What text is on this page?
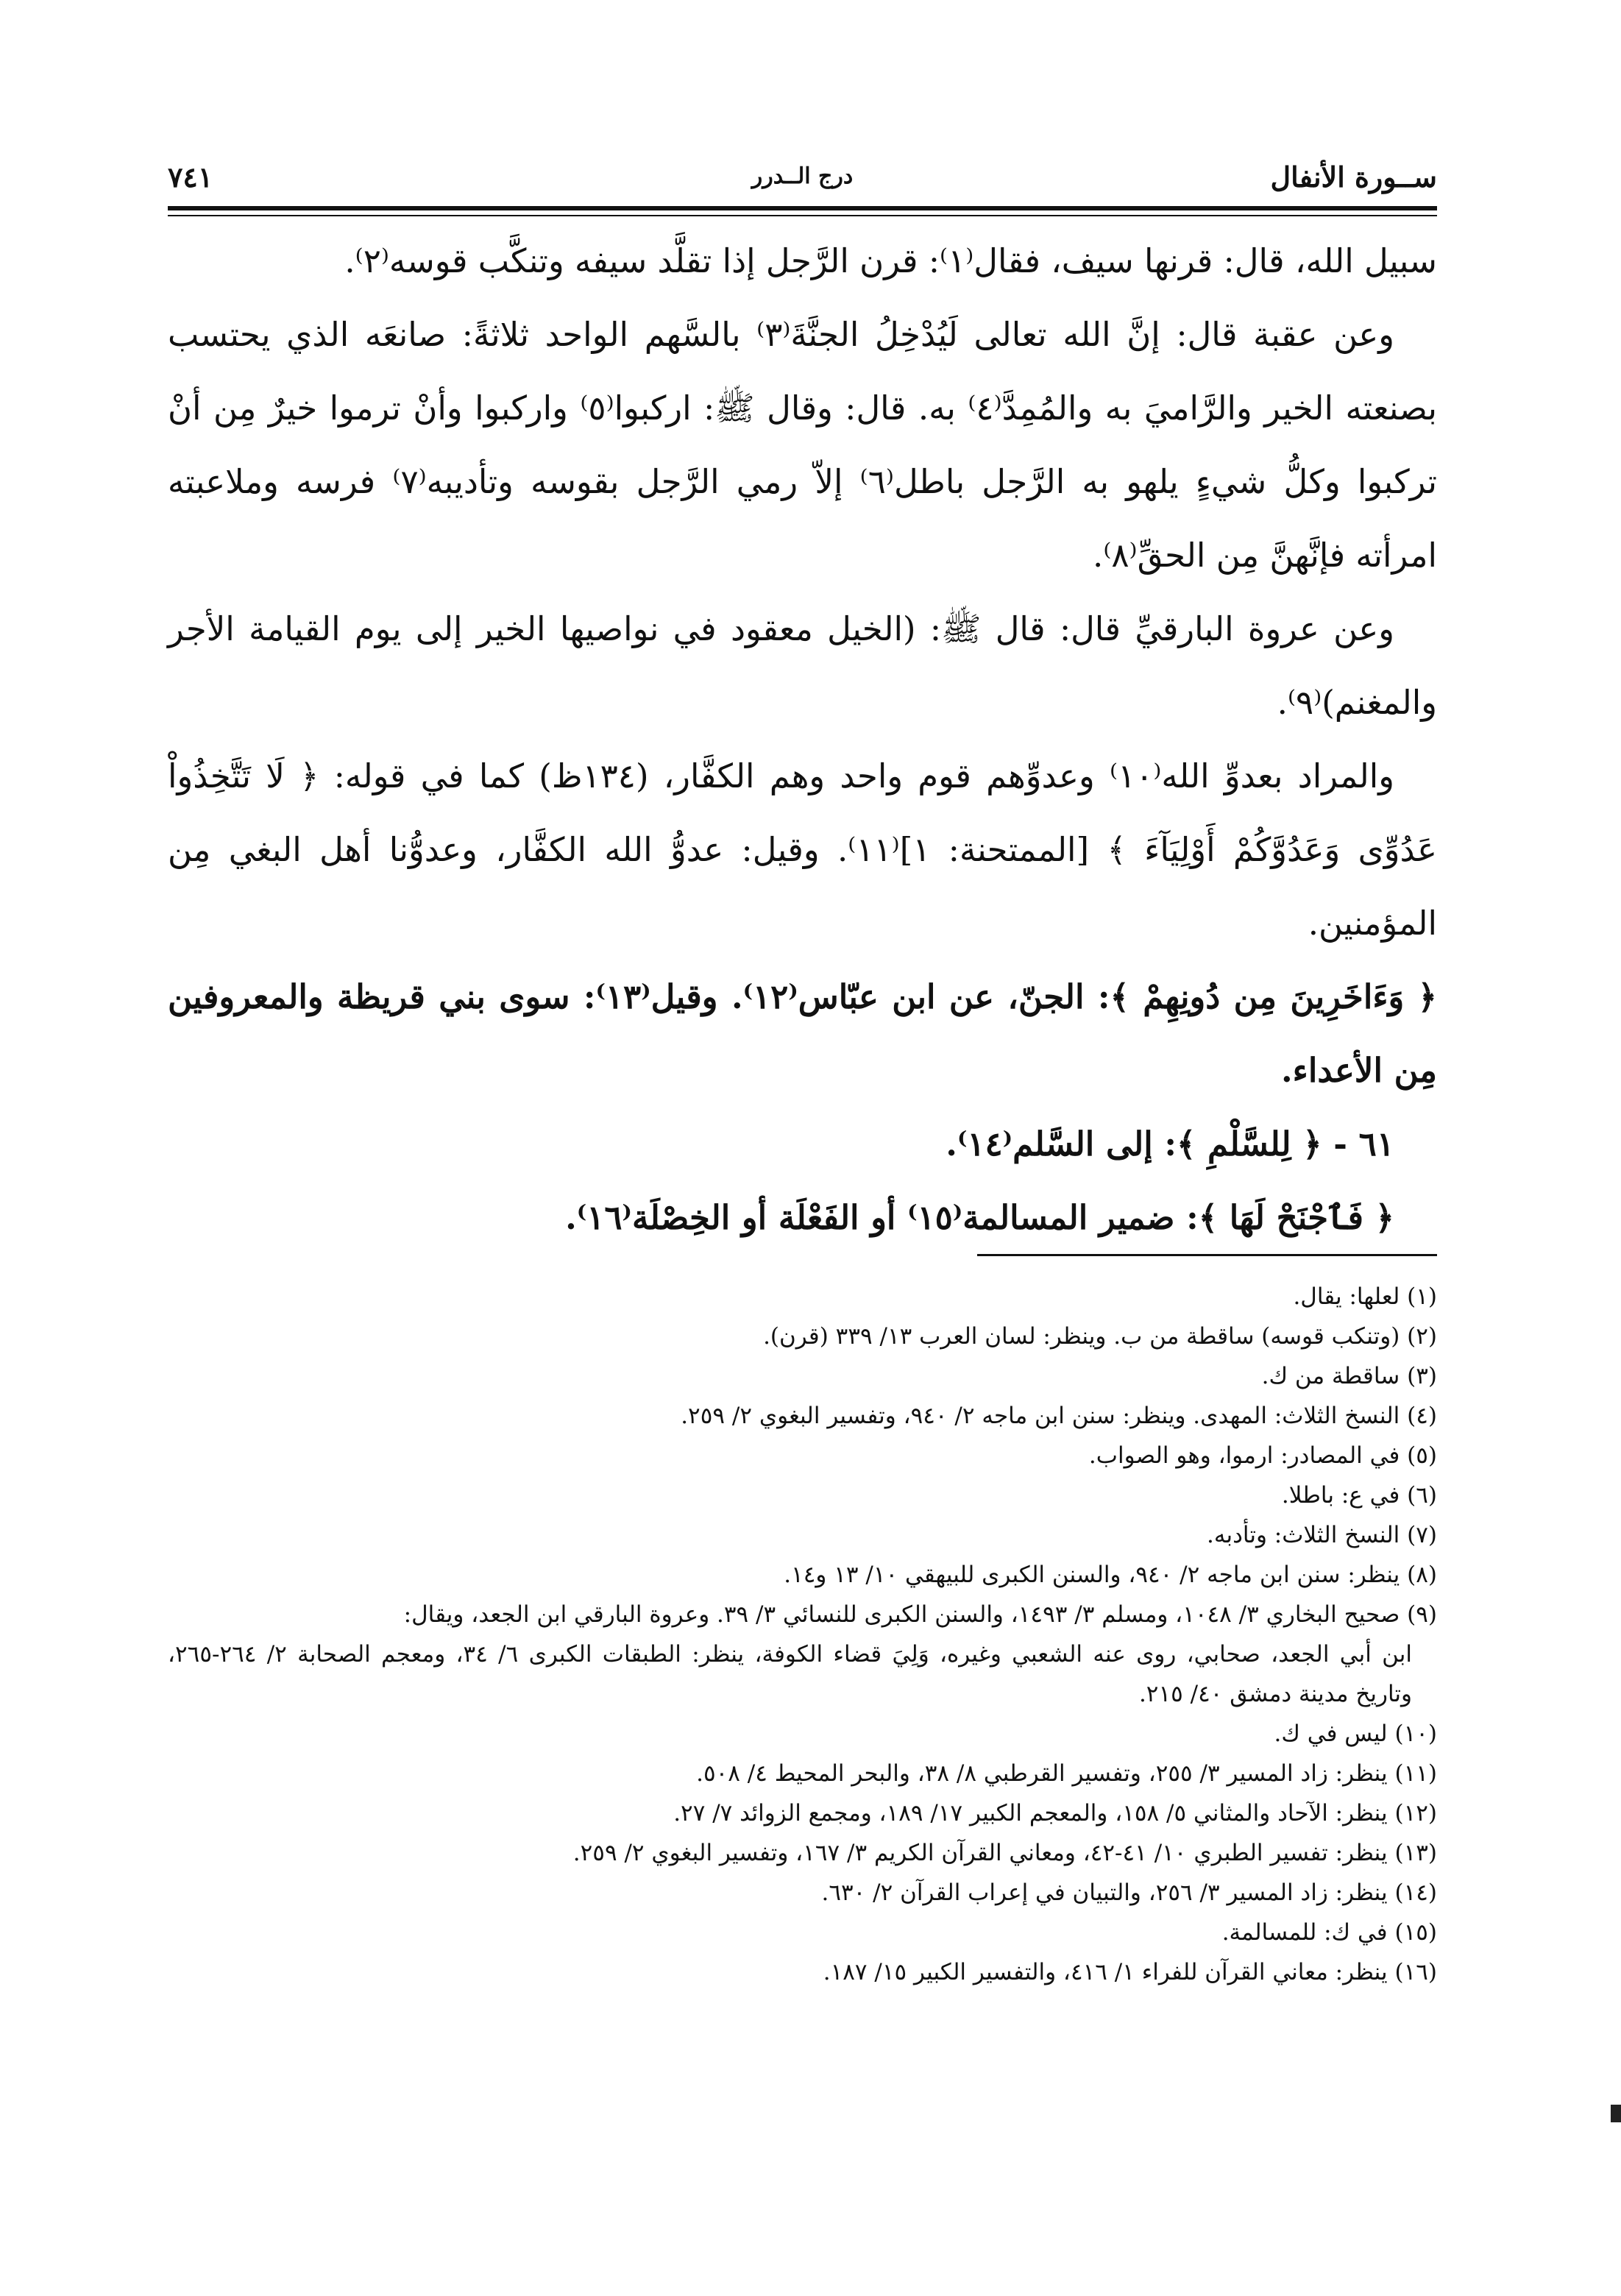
ســورة الأنفال
درج الــدرر
٧٤١

سبيل الله، قال: قرنها سيف، فقال⁽١⁾: قرن الرَّجل إذا تقلَّد سيفه وتنكَّب قوسه⁽٢⁾.

وعن عقبة قال: إنَّ الله تعالى لَيُدْخِلُ الجنَّةَ⁽٣⁾ بالسَّهم الواحد ثلاثةً: صانعَه الذي يحتسب بصنعته الخير والرَّاميَ به والمُمِدَّ⁽٤⁾ به. قال: وقال ﷺ: اركبوا⁽٥⁾ واركبوا وأنْ ترموا خيرٌ مِن أنْ تركبوا وكلُّ شيءٍ يلهو به الرَّجل باطل⁽٦⁾ إلاّ رمي الرَّجل بقوسه وتأديبه⁽٧⁾ فرسه وملاعبته امرأته فإنَّهنَّ مِن الحقِّ⁽٨⁾.

وعن عروة البارقيِّ قال: قال ﷺ: (الخيل معقود في نواصيها الخير إلى يوم القيامة الأجر والمغنم)⁽٩⁾.

والمراد بعدوِّ الله⁽١٠⁾ وعدوِّهم قوم واحد وهم الكفَّار، (١٣٤ظ) كما في قوله: ﴿ لَا تَتَّخِذُواْ عَدُوِّى وَعَدُوَّكُمْ أَوْلِيَآءَ ﴾ [الممتحنة: ١]⁽١١⁾. وقيل: عدوُّ الله الكفَّار، وعدوُّنا أهل البغي مِن المؤمنين.

﴿ وَءَاخَرِينَ مِن دُونِهِمْ ﴾: الجنّ، عن ابن عبّاس⁽١٢⁾. وقيل⁽١٣⁾: سوى بني قريظة والمعروفين مِن الأعداء.

٦١ - ﴿ لِلسَّلْمِ ﴾: إلى السَّلم⁽١٤⁾.

﴿ فَٱجْنَحْ لَهَا ﴾: ضمير المسالمة⁽١٥⁾ أو الفَعْلَة أو الخِصْلَة⁽١٦⁾.

(١) لعلها: يقال.

(٢) (وتنكب قوسه) ساقطة من ب. وينظر: لسان العرب ١٣/ ٣٣٩ (قرن).

(٣) ساقطة من ك.

(٤) النسخ الثلاث: المهدى. وينظر: سنن ابن ماجه ٢/ ٩٤٠، وتفسير البغوي ٢/ ٢٥٩.

(٥) في المصادر: ارموا، وهو الصواب.

(٦) في ع: باطلا.

(٧) النسخ الثلاث: وتأدبه.

(٨) ينظر: سنن ابن ماجه ٢/ ٩٤٠، والسنن الكبرى للبيهقي ١٠/ ١٣ و١٤.

(٩) صحيح البخاري ٣/ ١٠٤٨، ومسلم ٣/ ١٤٩٣، والسنن الكبرى للنسائي ٣/ ٣٩. وعروة البارقي ابن الجعد، ويقال:

ابن أبي الجعد، صحابي، روى عنه الشعبي وغيره، وَلِيَ قضاء الكوفة، ينظر: الطبقات الكبرى ٦/ ٣٤، ومعجم الصحابة ٢/ ٢٦٤-٢٦٥، وتاريخ مدينة دمشق ٤٠/ ٢١٥.

(١٠) ليس في ك.

(١١) ينظر: زاد المسير ٣/ ٢٥٥، وتفسير القرطبي ٨/ ٣٨، والبحر المحيط ٤/ ٥٠٨.

(١٢) ينظر: الآحاد والمثاني ٥/ ١٥٨، والمعجم الكبير ١٧/ ١٨٩، ومجمع الزوائد ٧/ ٢٧.

(١٣) ينظر: تفسير الطبري ١٠/ ٤١-٤٢، ومعاني القرآن الكريم ٣/ ١٦٧، وتفسير البغوي ٢/ ٢٥٩.

(١٤) ينظر: زاد المسير ٣/ ٢٥٦، والتبيان في إعراب القرآن ٢/ ٦٣٠.

(١٥) في ك: للمسالمة.

(١٦) ينظر: معاني القرآن للفراء ١/ ٤١٦، والتفسير الكبير ١٥/ ١٨٧.
